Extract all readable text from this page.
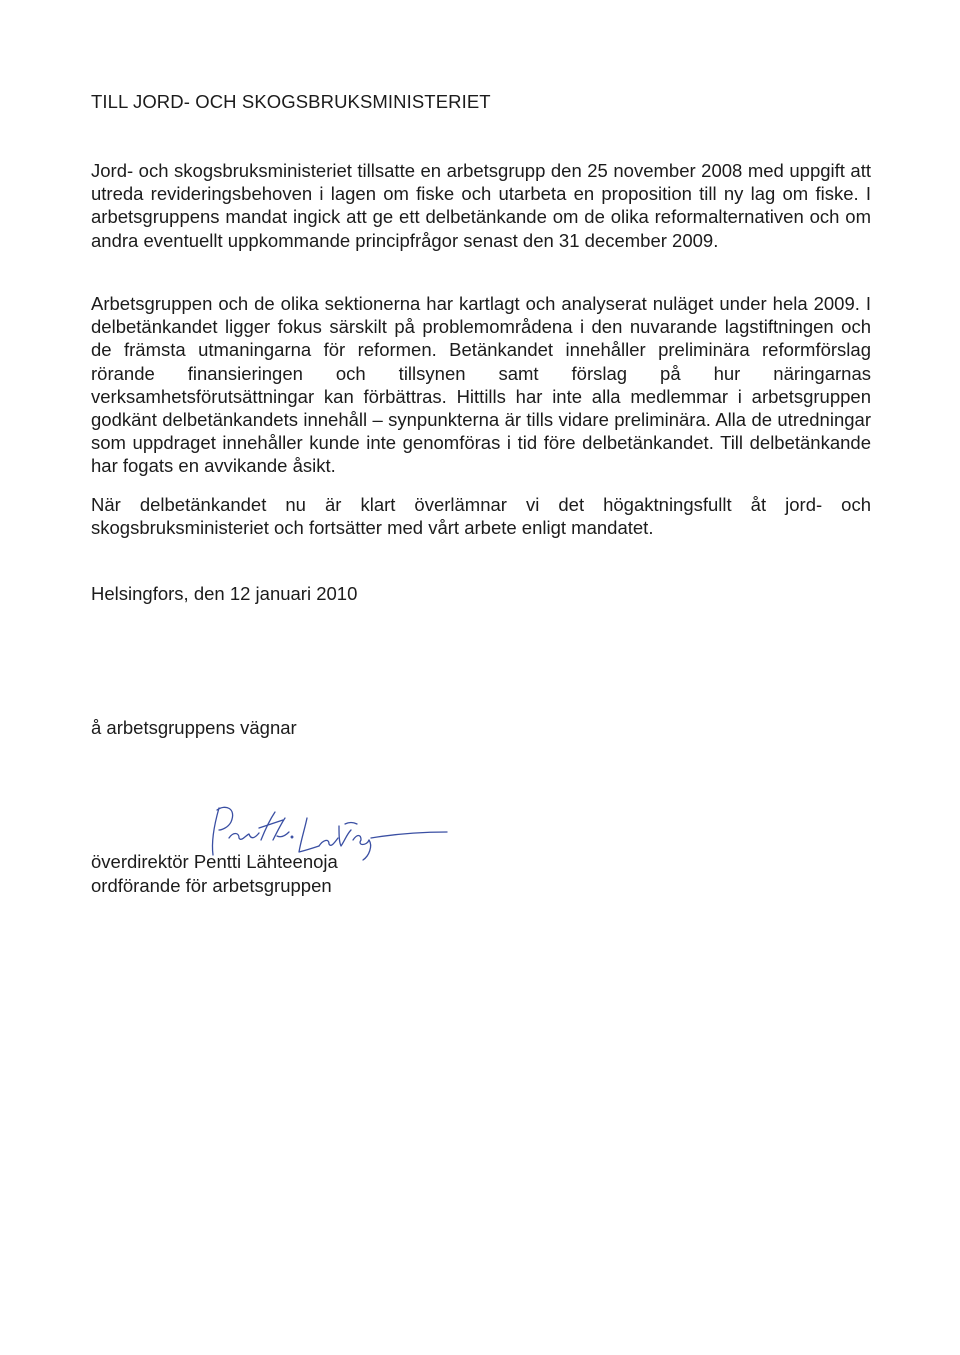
TILL JORD- OCH SKOGSBRUKSMINISTERIET

Jord- och skogsbruksministeriet tillsatte en arbetsgrupp den 25 november 2008 med uppgift att utreda revideringsbehoven i lagen om fiske och utarbeta en proposition till ny lag om fiske. I arbetsgruppens mandat ingick att ge ett delbetänkande om de olika reformalternativen och om andra eventuellt uppkommande principfrågor senast den 31 december 2009.

Arbetsgruppen och de olika sektionerna har kartlagt och analyserat nuläget under hela 2009. I delbetänkandet ligger fokus särskilt på problemområdena i den nuvarande lagstiftningen och de främsta utmaningarna för reformen. Betänkandet innehåller preliminära reformförslag rörande finansieringen och tillsynen samt förslag på hur näringarnas verksamhetsförutsättningar kan förbättras. Hittills har inte alla medlemmar i arbetsgruppen godkänt delbetänkandets innehåll – synpunkterna är tills vidare preliminära. Alla de utredningar som uppdraget innehåller kunde inte genomföras i tid före delbetänkandet. Till delbetänkande har fogats en avvikande åsikt.

När delbetänkandet nu är klart överlämnar vi det högaktningsfullt åt jord- och skogsbruksministeriet och fortsätter med vårt arbete enligt mandatet.

Helsingfors, den 12 januari 2010
å arbetsgruppens vägnar
överdirektör Pentti Lähteenoja
ordförande för arbetsgruppen
